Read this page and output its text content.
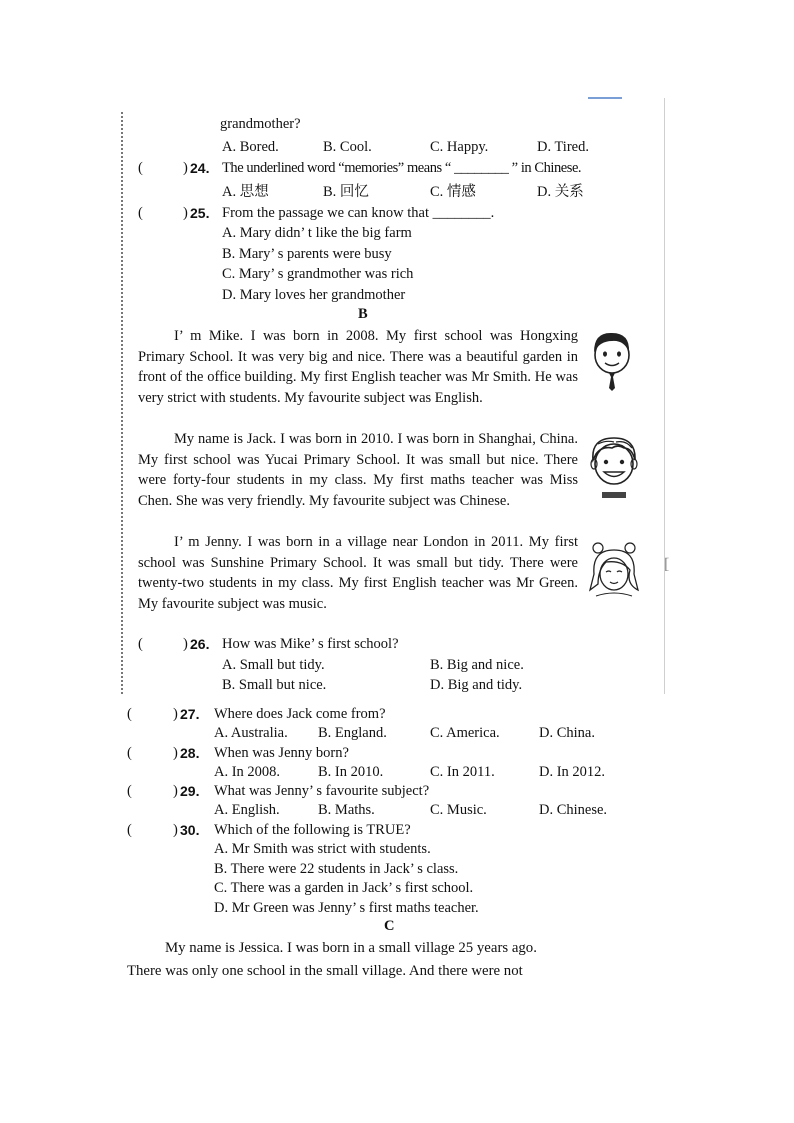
grandmother?
A. Bored.	B. Cool.	C. Happy.	D. Tired.
(	) 24. The underlined word “memories” means “ ________ ” in Chinese.
A. 思想	B. 回忆	C. 情感	D. 关系
(	) 25. From the passage we can know that ________.
A. Mary didn’ t like the big farm
B. Mary’ s parents were busy
C. Mary’ s grandmother was rich
D. Mary loves her grandmother
B
I’ m Mike. I was born in 2008. My first school was Hongxing Primary School. It was very big and nice. There was a beautiful garden in front of the office building. My first English teacher was Mr Smith. He was very strict with students. My favourite subject was English.
My name is Jack. I was born in 2010. I was born in Shanghai, China. My first school was Yucai Primary School. It was small but nice. There were forty-four students in my class. My first maths teacher was Miss Chen. She was very friendly. My favourite subject was Chinese.
I’ m Jenny. I was born in a village near London in 2011. My first school was Sunshine Primary School. It was small but tidy. There were twenty-two students in my class. My first English teacher was Mr Green. My favourite subject was music.
[
(	) 26. How was Mike’ s first school?
A. Small but tidy.	B. Big and nice.
B. Small but nice.	D. Big and tidy.
(	) 27. Where does Jack come from?
A. Australia. B. England.	C. America.	D. China.
(	) 28. When was Jenny born?
A. In 2008.	B. In 2010.	C. In 2011.	D. In 2012.
(	) 29. What was Jenny’ s favourite subject?
A. English.	B. Maths.	C. Music.	D. Chinese.
(	) 30. Which of the following is TRUE?
A. Mr Smith was strict with students.
B. There were 22 students in Jack’ s class.
C. There was a garden in Jack’ s first school.
D. Mr Green was Jenny’ s first maths teacher.
C
My name is Jessica. I was born in a small village 25 years ago.
There was only one school in the small village. And there were not
